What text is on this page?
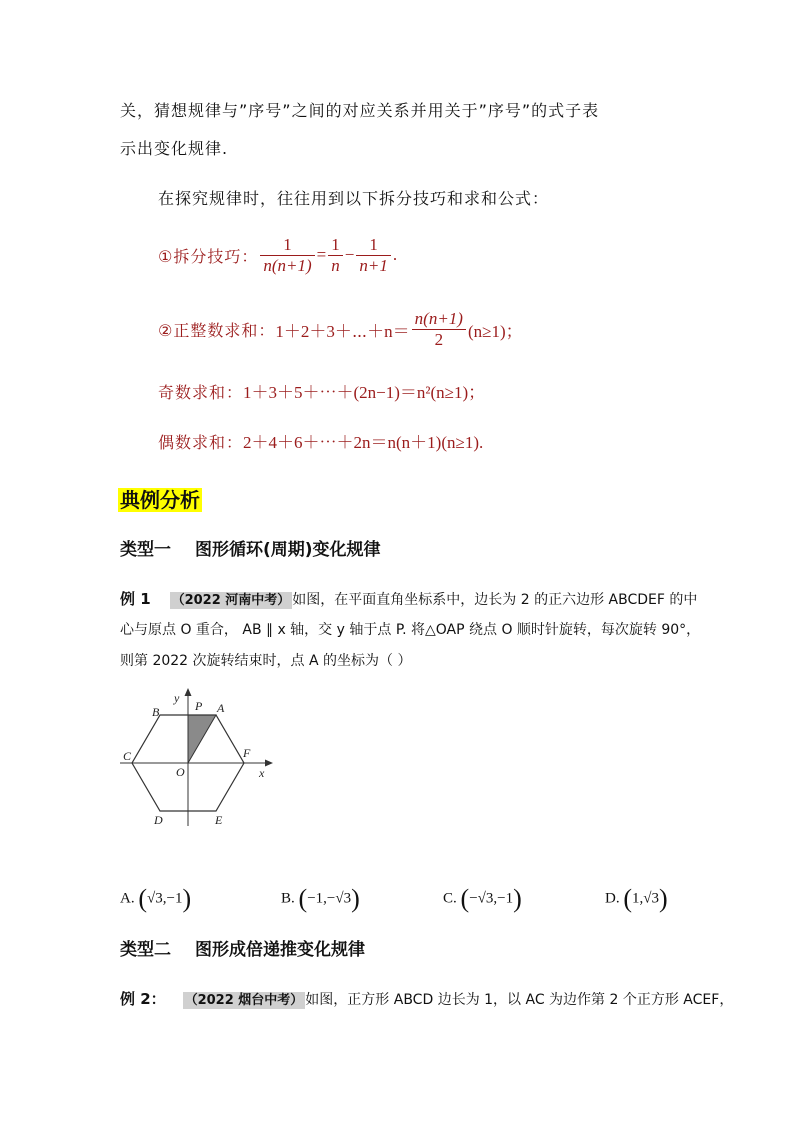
关，猜想规律与”序号”之间的对应关系并用关于”序号”的式子表
示出变化规律.
在探究规律时，往往用到以下拆分技巧和求和公式：
①拆分技巧： $\frac{1}{n(n+1)} = \frac{1}{n} - \frac{1}{n+1}$ .
②正整数求和： 1＋2＋3＋⋯＋n＝ $\frac{n(n+1)}{2} (n\ge 1)$；
奇数求和：1＋3＋5＋⋯＋(2n−1)＝n²(n≥1)；
偶数求和：2＋4＋6＋⋯＋2n＝n(n＋1)(n≥1).
典例分析
类型一 图形循环(周期)变化规律
例 1 （2022 河南中考） 如图，在平面直角坐标系中，边长为 2 的正六边形 ABCDEF 的中
心与原点 O 重合， AB ∥ x 轴，交 y 轴于点 P. 将△OAP 绕点 O 顺时针旋转，每次旋转 90°，
则第 2022 次旋转结束时，点 A 的坐标为（ ）
y
x
P A
B
C	F
O
D	E
A. (√3,−1)	B. (−1,−√3)	C. (−√3,−1)	D. (1,√3)
类型二 图形成倍递推变化规律
例 2： （2022 烟台中考） 如图，正方形 ABCD 边长为 1，以 AC 为边作第 2 个正方形 ACEF，
